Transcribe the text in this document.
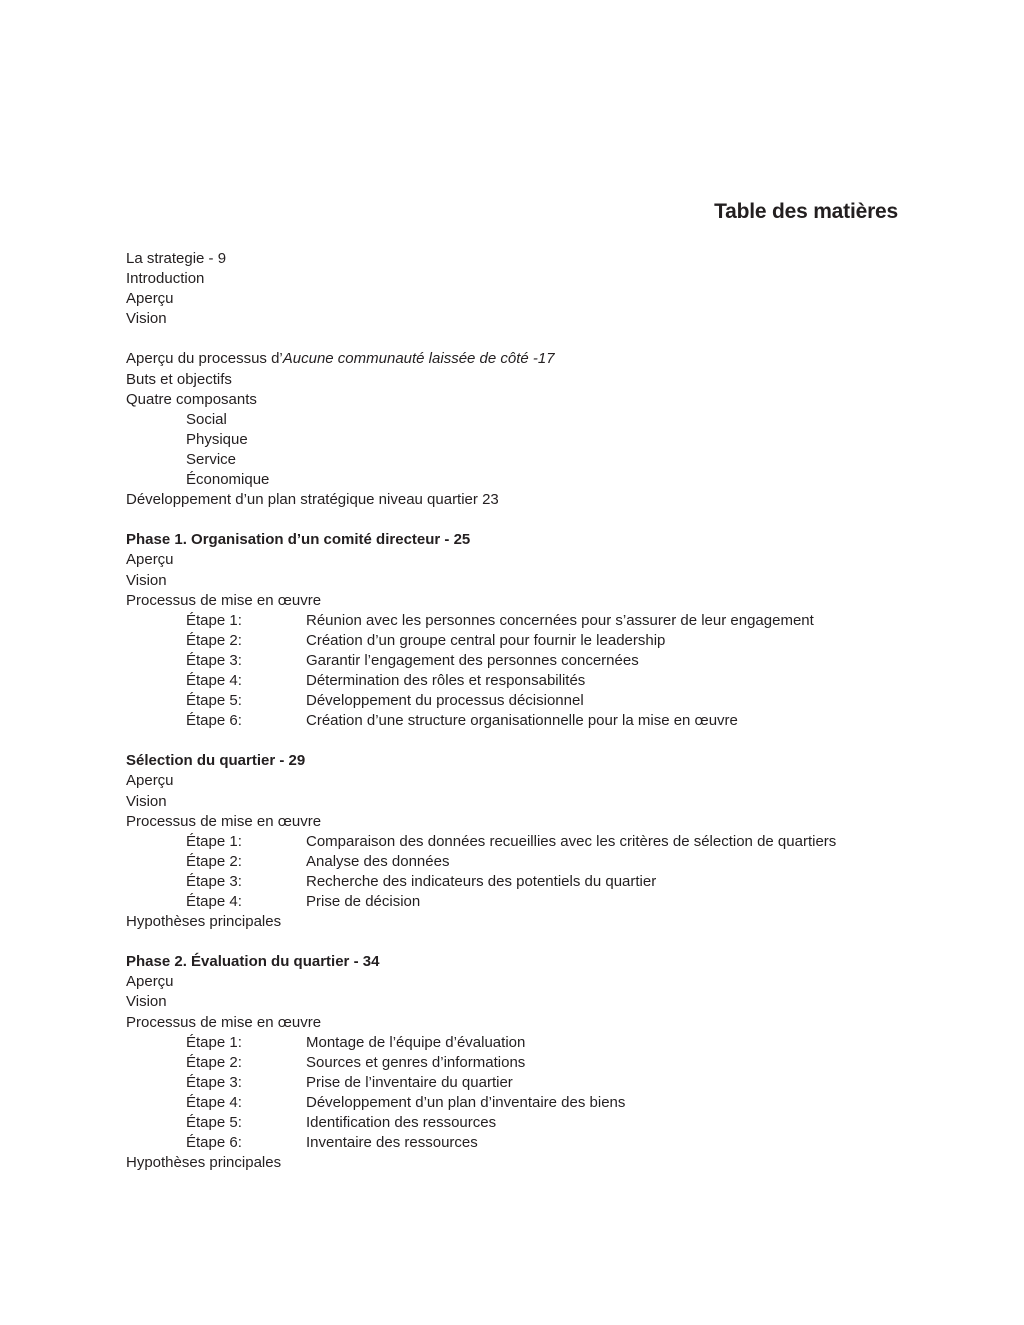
Table des matières
La strategie - 9
Introduction
Aperçu
Vision
Aperçu du processus d’Aucune communauté laissée de côté -17
Buts et objectifs
Quatre composants
Social
Physique
Service
Économique
Développement d’un plan stratégique niveau quartier 23
Phase 1. Organisation d’un comité directeur - 25
Aperçu
Vision
Processus de mise en œuvre
Étape 1:	Réunion avec les personnes concernées pour s’assurer de leur engagement
Étape 2:	Création d’un groupe central pour fournir le leadership
Étape 3:	Garantir l’engagement des personnes concernées
Étape 4:	Détermination des rôles et responsabilités
Étape 5:	Développement du processus décisionnel
Étape 6:	Création d’une structure organisationnelle pour la mise en œuvre
Sélection du quartier - 29
Aperçu
Vision
Processus de mise en œuvre
Étape 1:	Comparaison des données recueillies avec les critères de sélection de quartiers
Étape 2:	Analyse des données
Étape 3:	Recherche des indicateurs des potentiels du quartier
Étape 4:	Prise de décision
Hypothèses principales
Phase 2. Évaluation du quartier - 34
Aperçu
Vision
Processus de mise en œuvre
Étape 1:	Montage de l’équipe d’évaluation
Étape 2:	Sources et genres d’informations
Étape 3:	Prise de l’inventaire du quartier
Étape 4:	Développement d’un plan d’inventaire des biens
Étape 5:	Identification des ressources
Étape 6:	Inventaire des ressources
Hypothèses principales
